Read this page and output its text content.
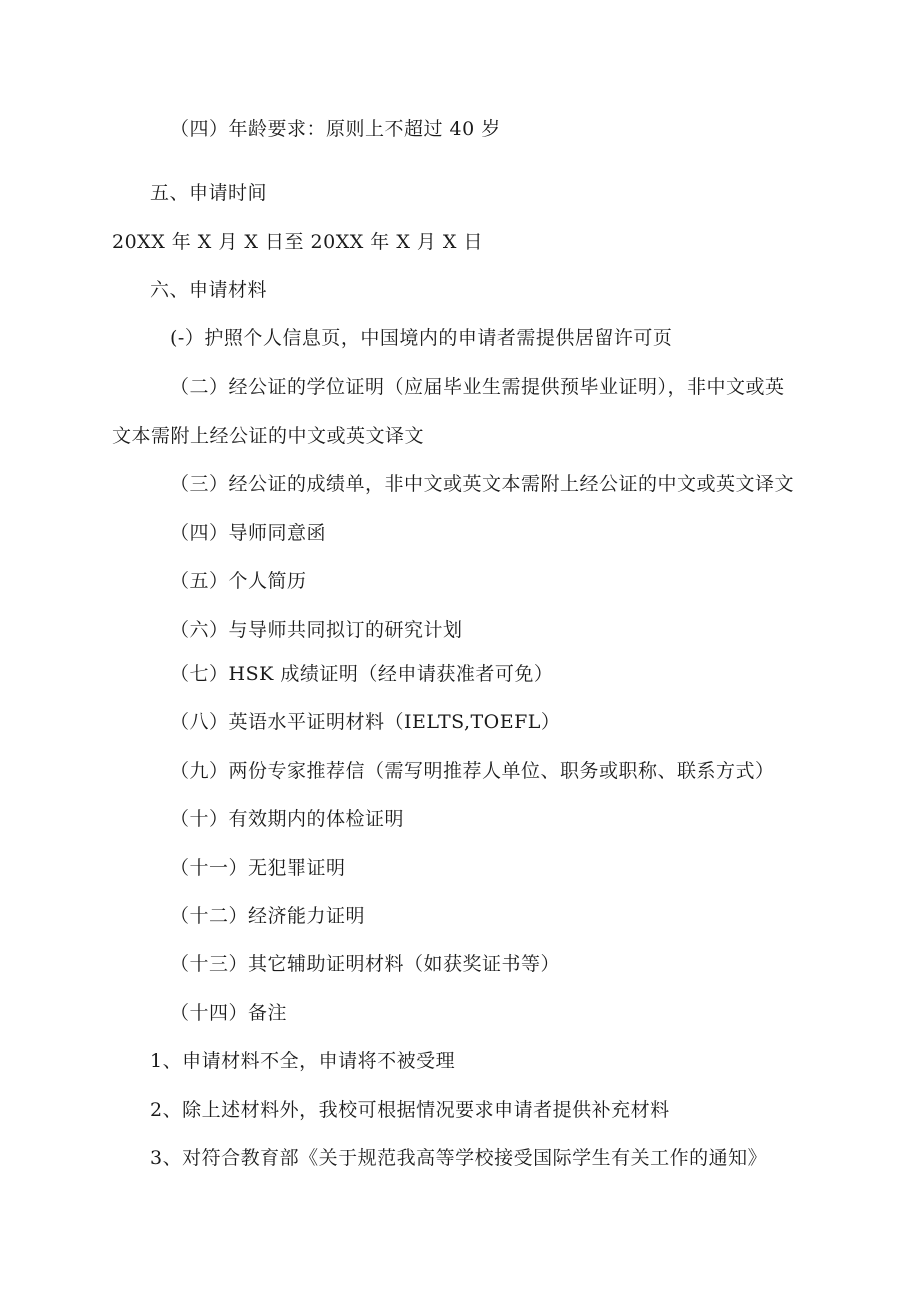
（四）年龄要求：原则上不超过 40 岁
五、申请时间
20XX 年 X 月 X 日至 20XX 年 X 月 X 日
六、申请材料
(-）护照个人信息页，中国境内的申请者需提供居留许可页
（二）经公证的学位证明（应届毕业生需提供预毕业证明），非中文或英
文本需附上经公证的中文或英文译文
（三）经公证的成绩单，非中文或英文本需附上经公证的中文或英文译文
（四）导师同意函
（五）个人简历
（六）与导师共同拟订的研究计划
（七）HSK 成绩证明（经申请获准者可免）
（八）英语水平证明材料（IELTS,TOEFL）
（九）两份专家推荐信（需写明推荐人单位、职务或职称、联系方式）
（十）有效期内的体检证明
（十一）无犯罪证明
（十二）经济能力证明
（十三）其它辅助证明材料（如获奖证书等）
（十四）备注
1、申请材料不全，申请将不被受理
2、除上述材料外，我校可根据情况要求申请者提供补充材料
3、对符合教育部《关于规范我高等学校接受国际学生有关工作的通知》
